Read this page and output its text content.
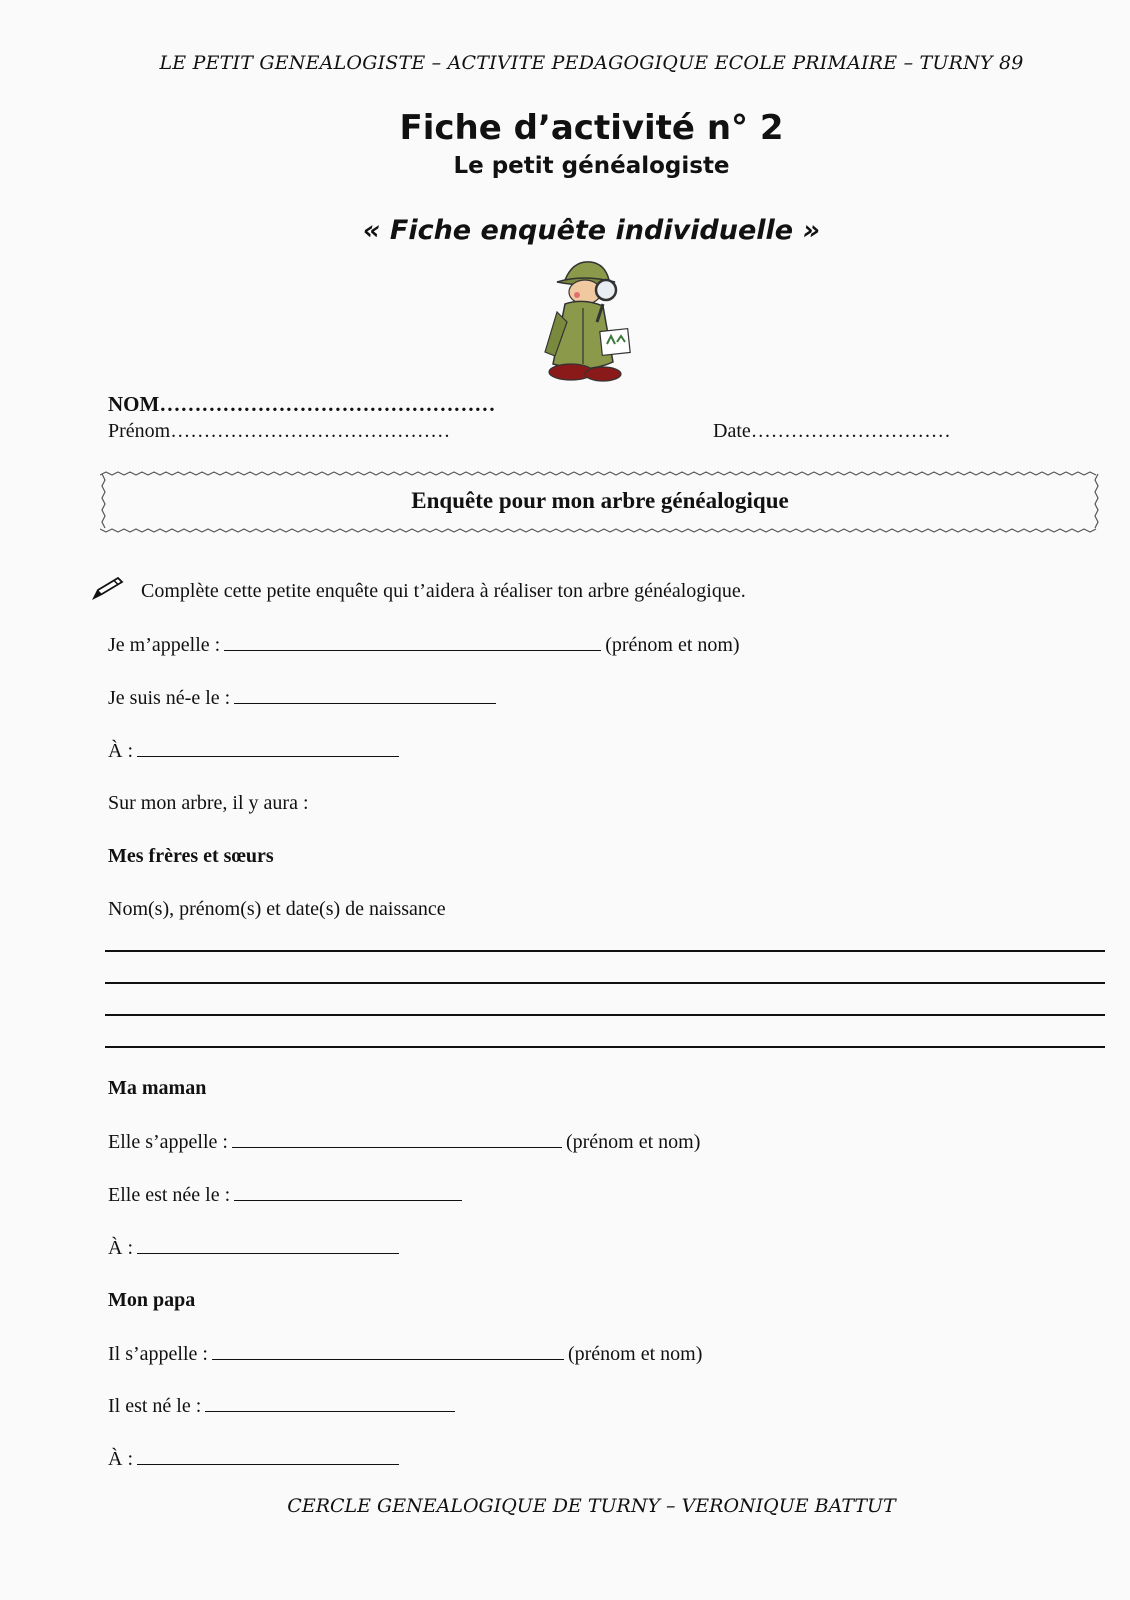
LE PETIT GENEALOGISTE – ACTIVITE PEDAGOGIQUE ECOLE PRIMAIRE – TURNY 89
Fiche d’activité n° 2
Le petit généalogiste
« Fiche enquête individuelle »
NOM…………………………………………
Prénom……………………………………	Date…………………………
Enquête pour mon arbre généalogique
Complète cette petite enquête qui t’aidera à réaliser ton arbre généalogique.
Je m’appelle :	(prénom et nom)
Je suis né-e le :
À :
Sur mon arbre, il y aura :
Mes frères et sœurs
Nom(s), prénom(s) et date(s) de naissance
Ma maman
Elle s’appelle :	(prénom et nom)
Elle est née le :
À :
Mon papa
Il s’appelle :	(prénom et nom)
Il est né le :
À :
CERCLE GENEALOGIQUE DE TURNY – VERONIQUE BATTUT
